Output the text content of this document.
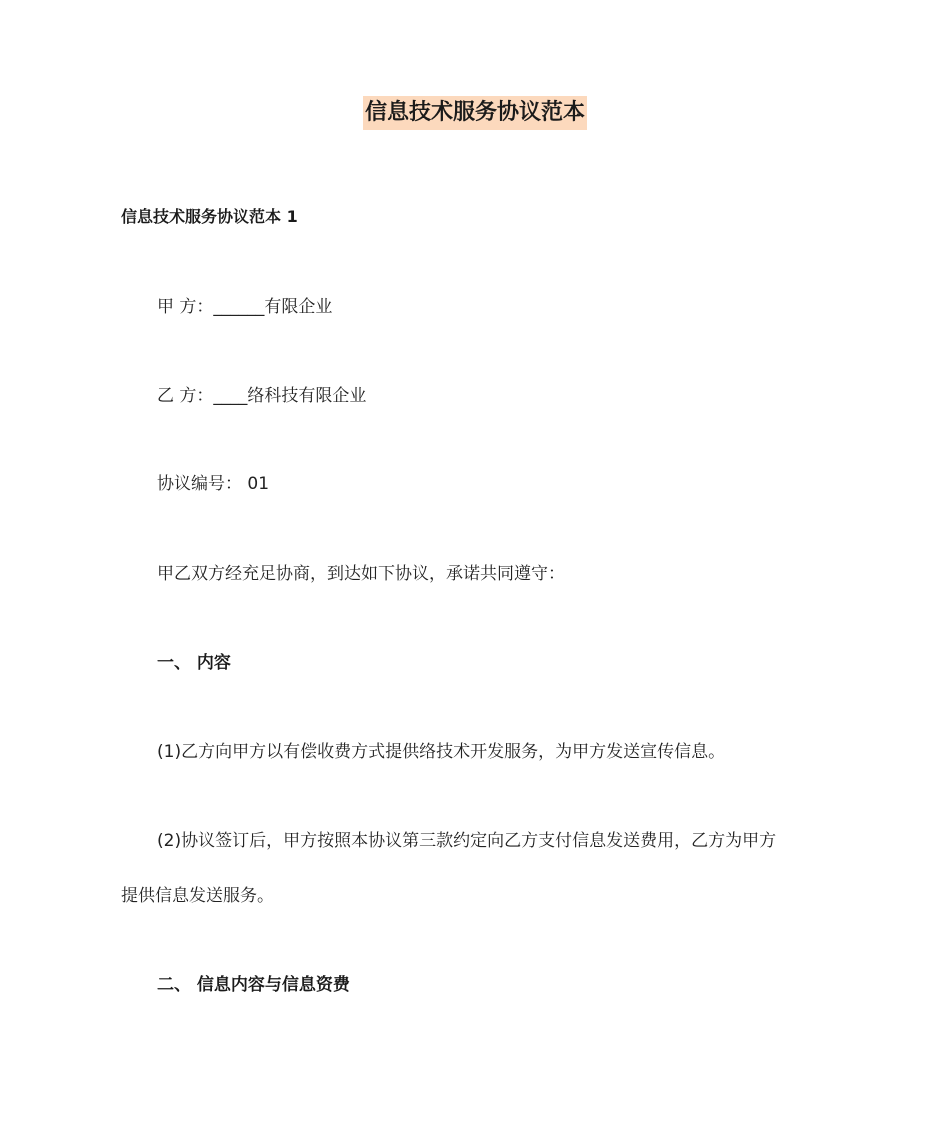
信息技术服务协议范本
信息技术服务协议范本 1
甲 方：______有限企业
乙 方：____络科技有限企业
协议编号： 01
甲乙双方经充足协商，到达如下协议，承诺共同遵守：
一、 内容
(1)乙方向甲方以有偿收费方式提供络技术开发服务，为甲方发送宣传信息。
(2)协议签订后，甲方按照本协议第三款约定向乙方支付信息发送费用，乙方为甲方
提供信息发送服务。
二、 信息内容与信息资费
